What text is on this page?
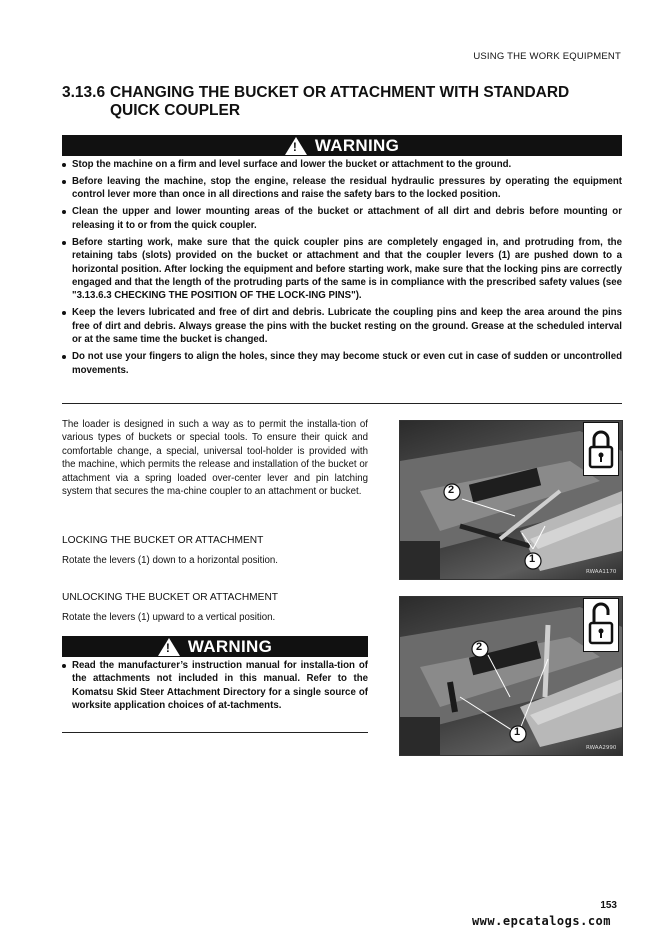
USING THE WORK EQUIPMENT
3.13.6 CHANGING THE BUCKET OR ATTACHMENT WITH STANDARD
QUICK COUPLER
!
WARNING
Stop the machine on a firm and level surface and lower the bucket or attachment to the ground.
Before leaving the machine, stop the engine, release the residual hydraulic pressures by operating the equipment control lever more than once in all directions and raise the safety bars to the locked position.
Clean the upper and lower mounting areas of the bucket or attachment of all dirt and debris before mounting or releasing it to or from the quick coupler.
Before starting work, make sure that the quick coupler pins are completely engaged in, and protruding from, the retaining tabs (slots) provided on the bucket or attachment and that the coupler levers (1) are pushed down to a horizontal position. After locking the equipment and before starting work, make sure that the locking pins are correctly engaged and that the length of the protruding parts of the same is in compliance with the prescribed safety values (see "3.13.6.3 CHECKING THE POSITION OF THE LOCK-ING PINS").
Keep the levers lubricated and free of dirt and debris. Lubricate the coupling pins and keep the area around the pins free of dirt and debris. Always grease the pins with the bucket resting on the ground. Grease at the scheduled interval or at the same time the bucket is changed.
Do not use your fingers to align the holes, since they may become stuck or even cut in case of sudden or uncontrolled movements.

The loader is designed in such a way as to permit the installa-tion of various types of buckets or special tools. To ensure their quick and comfortable change, a special, universal tool-holder is provided with the machine, which permits the release and installation of the bucket or attachment via a spring loaded over-center lever and pin latching system that secures the ma-chine coupler to an attachment or bucket.

LOCKING THE BUCKET OR ATTACHMENT

Rotate the levers (1) down to a horizontal position.

UNLOCKING THE BUCKET OR ATTACHMENT

Rotate the levers (1) upward to a vertical position.

!
WARNING
Read the manufacturer’s instruction manual for installa-tion of the attachments not included in this manual. Refer to the Komatsu Skid Steer Attachment Directory for a single source of worksite application choices of at-tachments.
2
1
RWAA1170
2
1
RWAA2990
153
www.epcatalogs.com
